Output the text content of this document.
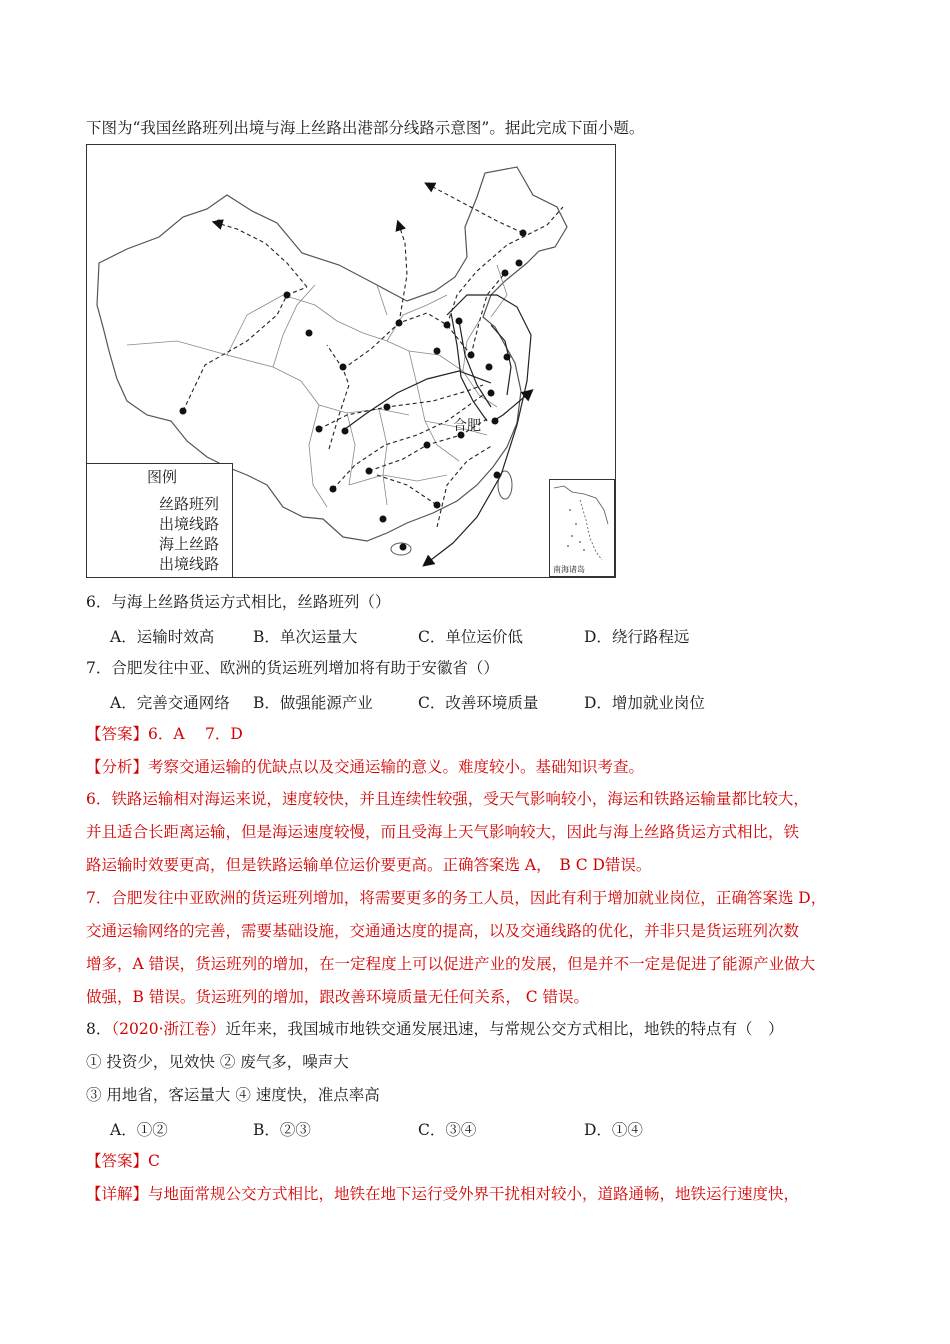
下图为“我国丝路班列出境与海上丝路出港部分线路示意图”。据此完成下面小题。
图例
丝路班列
出境线路
海上丝路
出境线路
合肥
南海诸岛
6．与海上丝路货运方式相比，丝路班列（）
A．运输时效高	B．单次运量大	C．单位运价低	D．绕行路程远
7．合肥发往中亚、欧洲的货运班列增加将有助于安徽省（）
A．完善交通网络 B．做强能源产业	C．改善环境质量	D．增加就业岗位
【答案】6．A　 7．D
【分析】考察交通运输的优缺点以及交通运输的意义。难度较小。基础知识考查。
6．铁路运输相对海运来说，速度较快，并且连续性较强，受天气影响较小，海运和铁路运输量都比较大，
并且适合长距离运输，但是海运速度较慢，而且受海上天气影响较大，因此与海上丝路货运方式相比，铁
路运输时效要更高，但是铁路运输单位运价要更高。正确答案选 A，　B C D错误。
7．合肥发往中亚欧洲的货运班列增加，将需要更多的务工人员，因此有利于增加就业岗位，正确答案选 D，
交通运输网络的完善，需要基础设施，交通通达度的提高，以及交通线路的优化，并非只是货运班列次数
增多，A 错误，货运班列的增加，在一定程度上可以促进产业的发展，但是并不一定是促进了能源产业做大
做强，B 错误。货运班列的增加，跟改善环境质量无任何关系， C 错误。
8．（2020·浙江卷）近年来，我国城市地铁交通发展迅速，与常规公交方式相比，地铁的特点有（　）
① 投资少，见效快 ② 废气多，噪声大
③ 用地省，客运量大 ④ 速度快，准点率高
A．①②	B．②③	C．③④	D．①④
【答案】C
【详解】与地面常规公交方式相比，地铁在地下运行受外界干扰相对较小，道路通畅，地铁运行速度快，
